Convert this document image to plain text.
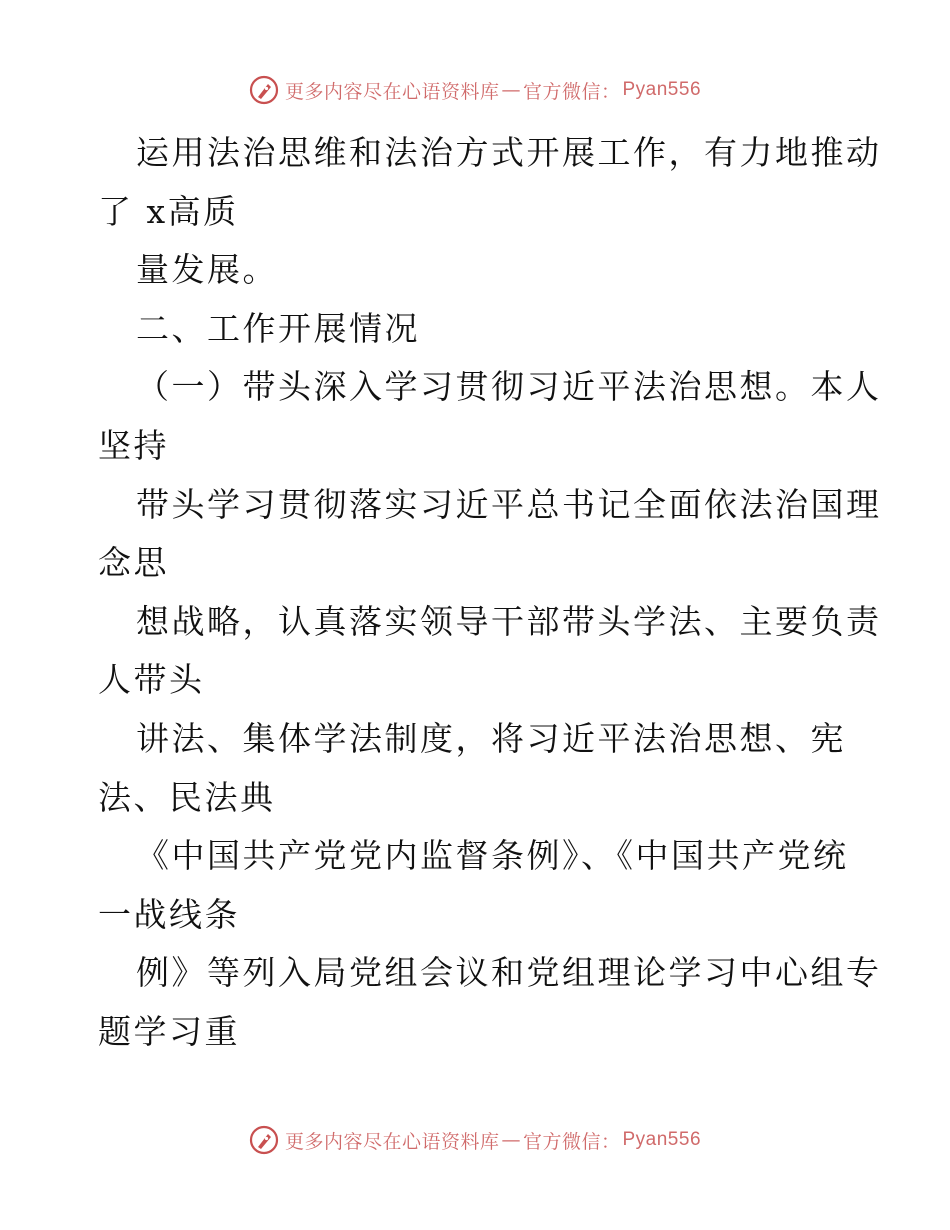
更多内容尽在心语资料库 — 官方微信： Pyan556
运用法治思维和法治方式开展工作，有力地推动
了 x高质
量发展。
二、工作开展情况
（一）带头深入学习贯彻习近平法治思想。本人
坚持
带头学习贯彻落实习近平总书记全面依法治国理
念思
想战略，认真落实领导干部带头学法、主要负责
人带头
讲法、集体学法制度，将习近平法治思想、宪
法、民法典
《中国共产党党内监督条例》、《中国共产党统
一战线条
例》等列入局党组会议和党组理论学习中心组专
题学习重
更多内容尽在心语资料库 — 官方微信： Pyan556
